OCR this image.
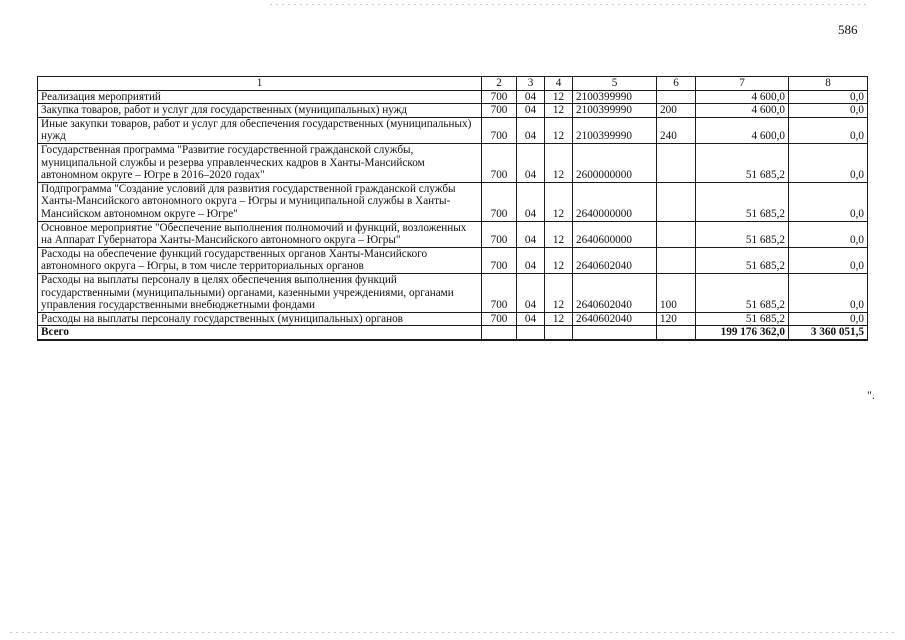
586
1	2	3	4	5	6	7	8
Реализация мероприятий	700	04	12	2100399990		4 600,0	0,0
Закупка товаров, работ и услуг для государственных (муниципальных) нужд	700	04	12	2100399990	200	4 600,0	0,0
Иные закупки товаров, работ и услуг для обеспечения государственных (муниципальных) нужд	700	04	12	2100399990	240	4 600,0	0,0
Государственная программа "Развитие государственной гражданской службы, муниципальной службы и резерва управленческих кадров в Ханты-Мансийском автономном округе – Югре в 2016–2020 годах"	700	04	12	2600000000		51 685,2	0,0
Подпрограмма "Создание условий для развития государственной гражданской службы Ханты-Мансийского автономного округа – Югры и муниципальной службы в Ханты-Мансийском автономном округе – Югре"	700	04	12	2640000000		51 685,2	0,0
Основное мероприятие "Обеспечение выполнения полномочий и функций, возложенных на Аппарат Губернатора Ханты-Мансийского автономного округа – Югры"	700	04	12	2640600000		51 685,2	0,0
Расходы на обеспечение функций государственных органов Ханты-Мансийского автономного округа – Югры, в том числе территориальных органов	700	04	12	2640602040		51 685,2	0,0
Расходы на выплаты персоналу в целях обеспечения выполнения функций государственными (муниципальными) органами, казенными учреждениями, органами управления государственными внебюджетными фондами	700	04	12	2640602040	100	51 685,2	0,0
Расходы на выплаты персоналу государственных (муниципальных) органов	700	04	12	2640602040	120	51 685,2	0,0
Всего						199 176 362,0	3 360 051,5
".
